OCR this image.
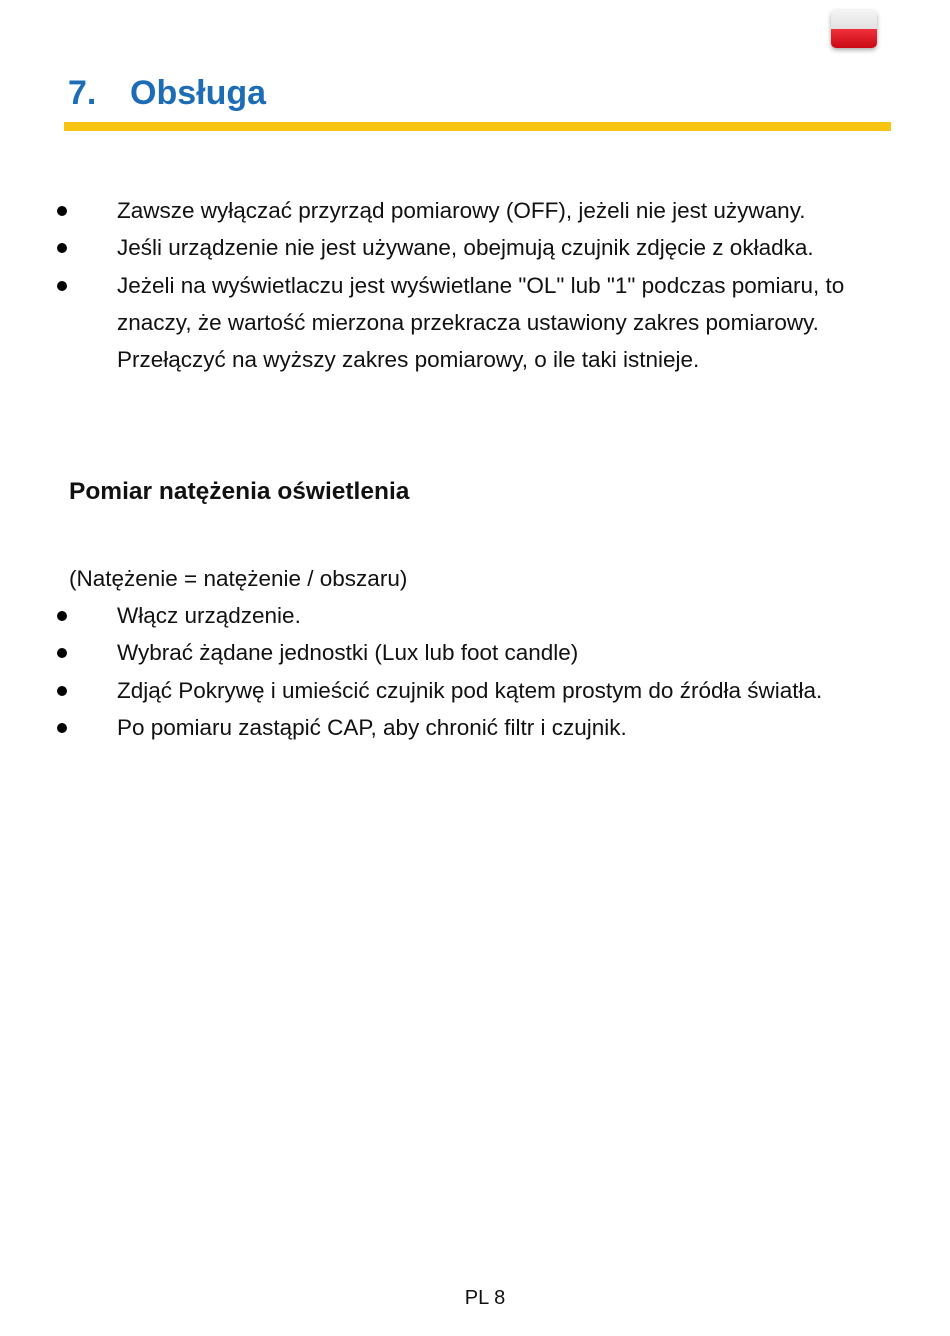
7. Obsługa
Zawsze wyłączać przyrząd pomiarowy (OFF), jeżeli nie jest używany.
Jeśli urządzenie nie jest używane, obejmują czujnik zdjęcie z okładka.
Jeżeli na wyświetlaczu jest wyświetlane "OL" lub "1" podczas pomiaru, to znaczy, że wartość mierzona przekracza ustawiony zakres pomiarowy. Przełączyć na wyższy zakres pomiarowy, o ile taki istnieje.
Pomiar natężenia oświetlenia

(Natężenie = natężenie / obszaru)

Włącz urządzenie.
Wybrać żądane jednostki (Lux lub foot candle)
Zdjąć Pokrywę i umieścić czujnik pod kątem prostym do źródła światła.
Po pomiaru zastąpić CAP, aby chronić filtr i czujnik.
PL 8
